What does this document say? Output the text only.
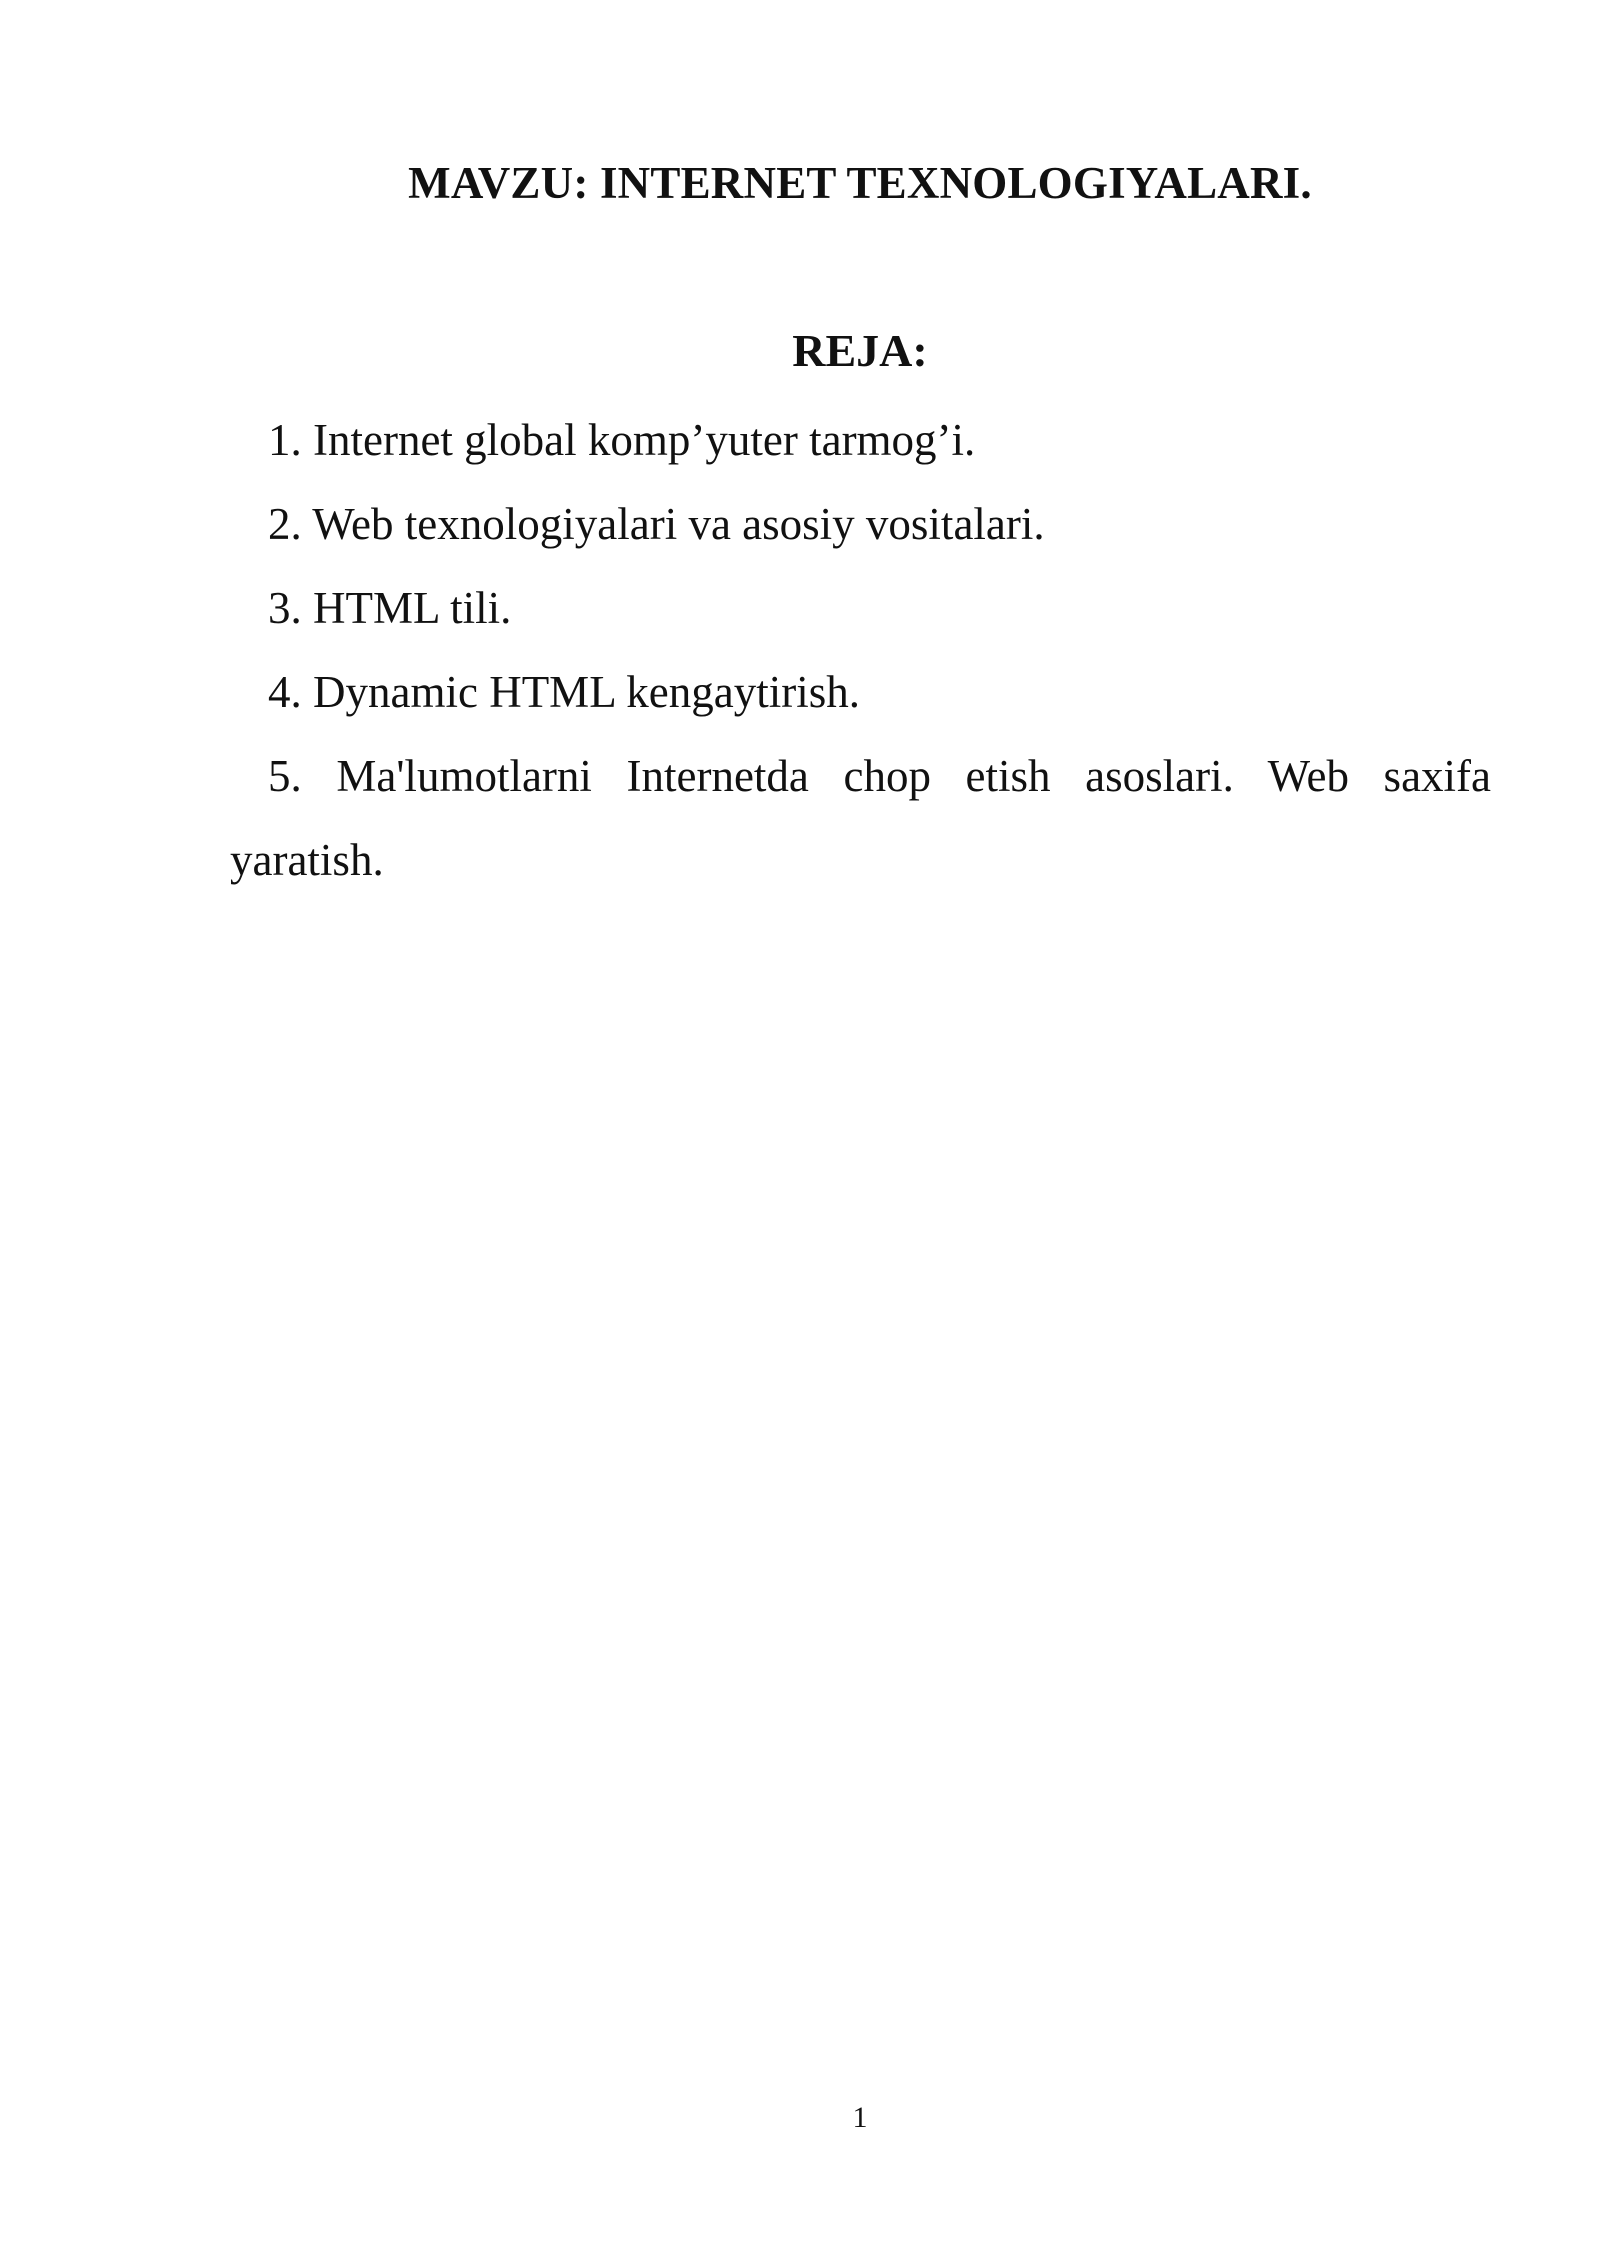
MAVZU: INTERNET TEXNOLOGIYALARI.
REJA:
1. Internet global komp’yuter tarmog’i.
2. Web texnologiyalari va asosiy vositalari.
3. HTML tili.
4. Dynamic HTML kengaytirish.
5. Ma'lumotlarni Internetda chop etish asoslari. Web saxifa yaratish.
1
